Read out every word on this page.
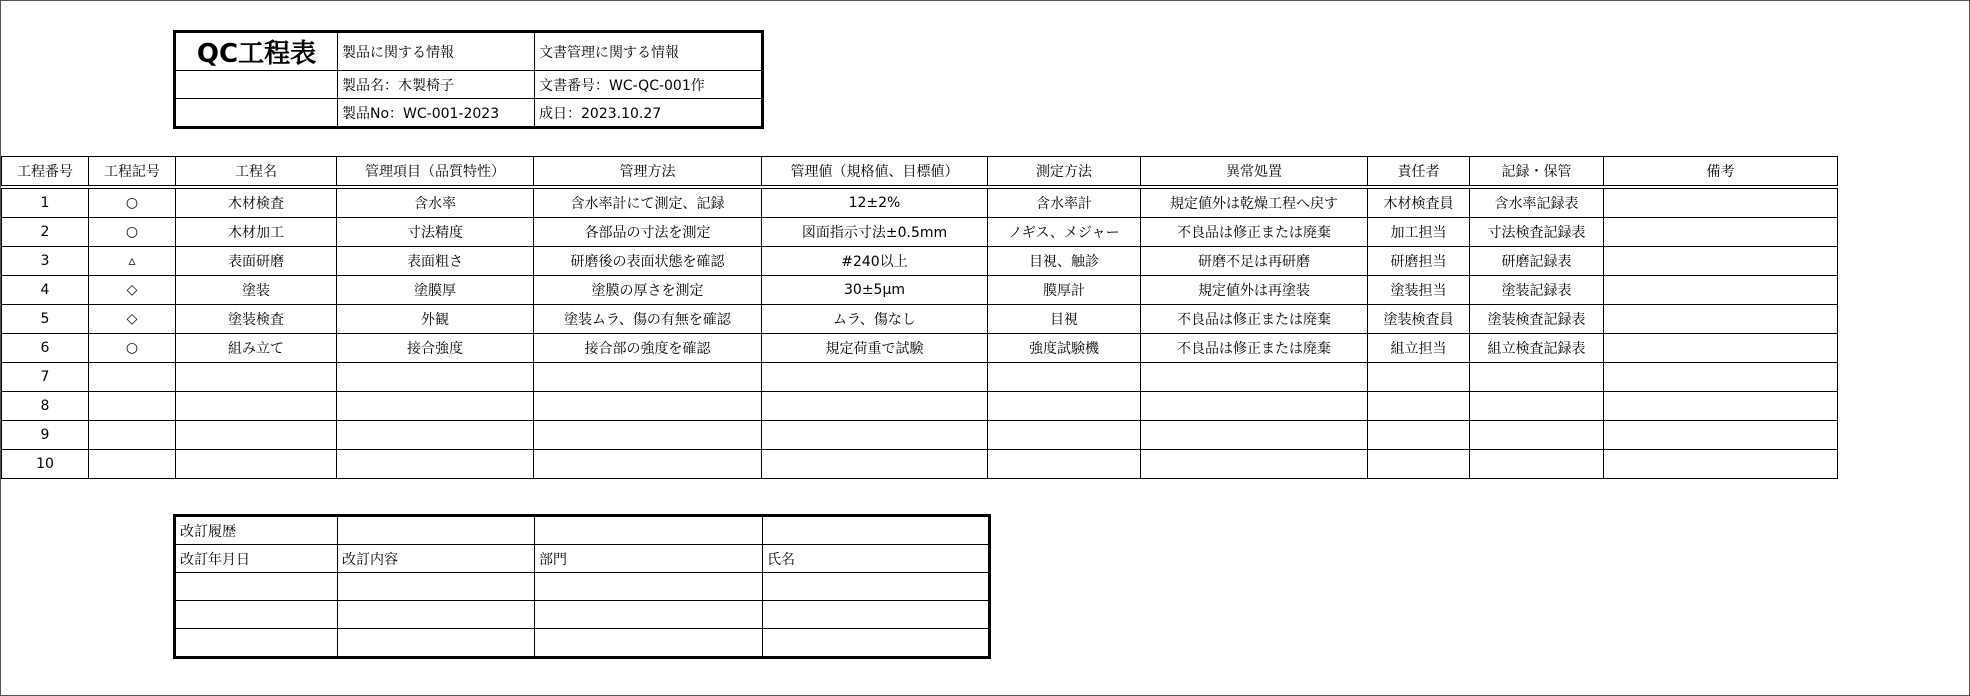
QC工程表	製品に関する情報	文書管理に関する情報
	製品名：木製椅子	文書番号：WC-QC-001作
	製品No：WC-001-2023	成日：2023.10.27
工程番号	工程記号	工程名	管理項目（品質特性）	管理方法	管理値（規格値、目標値）	測定方法	異常処置	責任者	記録・保管	備考
1	○	木材検査	含水率	含水率計にて測定、記録	12±2%	含水率計	規定値外は乾燥工程へ戻す	木材検査員	含水率記録表	
2	○	木材加工	寸法精度	各部品の寸法を測定	図面指示寸法±0.5mm	ノギス、メジャー	不良品は修正または廃棄	加工担当	寸法検査記録表	
3	▵	表面研磨	表面粗さ	研磨後の表面状態を確認	#240以上	目視、触診	研磨不足は再研磨	研磨担当	研磨記録表	
4	◇	塗装	塗膜厚	塗膜の厚さを測定	30±5μm	膜厚計	規定値外は再塗装	塗装担当	塗装記録表	
5	◇	塗装検査	外観	塗装ムラ、傷の有無を確認	ムラ、傷なし	目視	不良品は修正または廃棄	塗装検査員	塗装検査記録表	
6	○	組み立て	接合強度	接合部の強度を確認	規定荷重で試験	強度試験機	不良品は修正または廃棄	組立担当	組立検査記録表	
7										
8										
9										
10										
改訂履歴			
改訂年月日	改訂内容	部門	氏名
